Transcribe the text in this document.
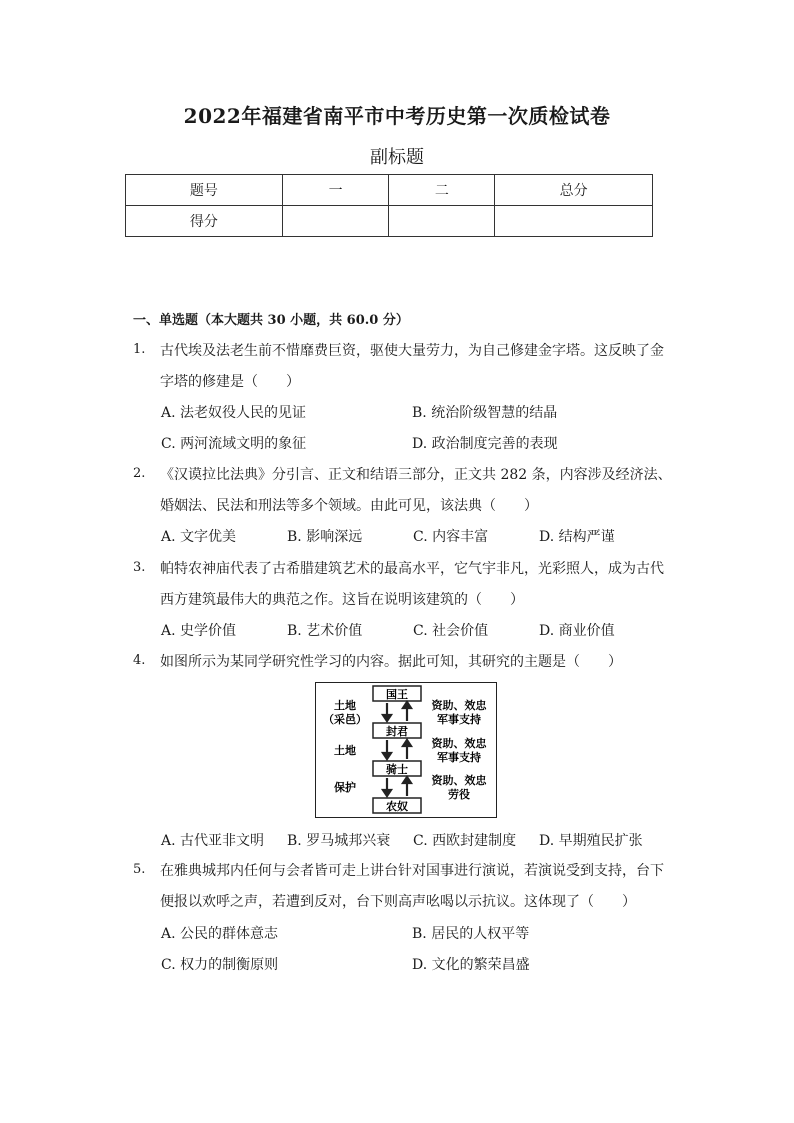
2022年福建省南平市中考历史第一次质检试卷
副标题
题号	一	二	总分
得分			
一、单选题（本大题共 30 小题，共 60.0 分）
1. 古代埃及法老生前不惜靡费巨资，驱使大量劳力，为自己修建金字塔。这反映了金
字塔的修建是（　　）
A. 法老奴役人民的见证	B. 统治阶级智慧的结晶
C. 两河流域文明的象征	D. 政治制度完善的表现
2. 《汉谟拉比法典》分引言、正文和结语三部分，正文共 282 条，内容涉及经济法、
婚姻法、民法和刑法等多个领域。由此可见，该法典（　　）
A. 文字优美	B. 影响深远	C. 内容丰富	D. 结构严谨
3. 帕特农神庙代表了古希腊建筑艺术的最高水平，它气宇非凡，光彩照人，成为古代
西方建筑最伟大的典范之作。这旨在说明该建筑的（　　）
A. 史学价值	B. 艺术价值	C. 社会价值	D. 商业价值
4. 如图所示为某同学研究性学习的内容。据此可知，其研究的主题是（　　）
国王
封君
骑士
农奴
土地
（采邑）
土地
保护
资助、效忠
军事支持
资助、效忠
军事支持
资助、效忠
劳役
A. 古代亚非文明 B. 罗马城邦兴衰 C. 西欧封建制度 D. 早期殖民扩张
5. 在雅典城邦内任何与会者皆可走上讲台针对国事进行演说，若演说受到支持，台下
便报以欢呼之声，若遭到反对，台下则高声吆喝以示抗议。这体现了（　　）
A. 公民的群体意志	B. 居民的人权平等
C. 权力的制衡原则	D. 文化的繁荣昌盛
